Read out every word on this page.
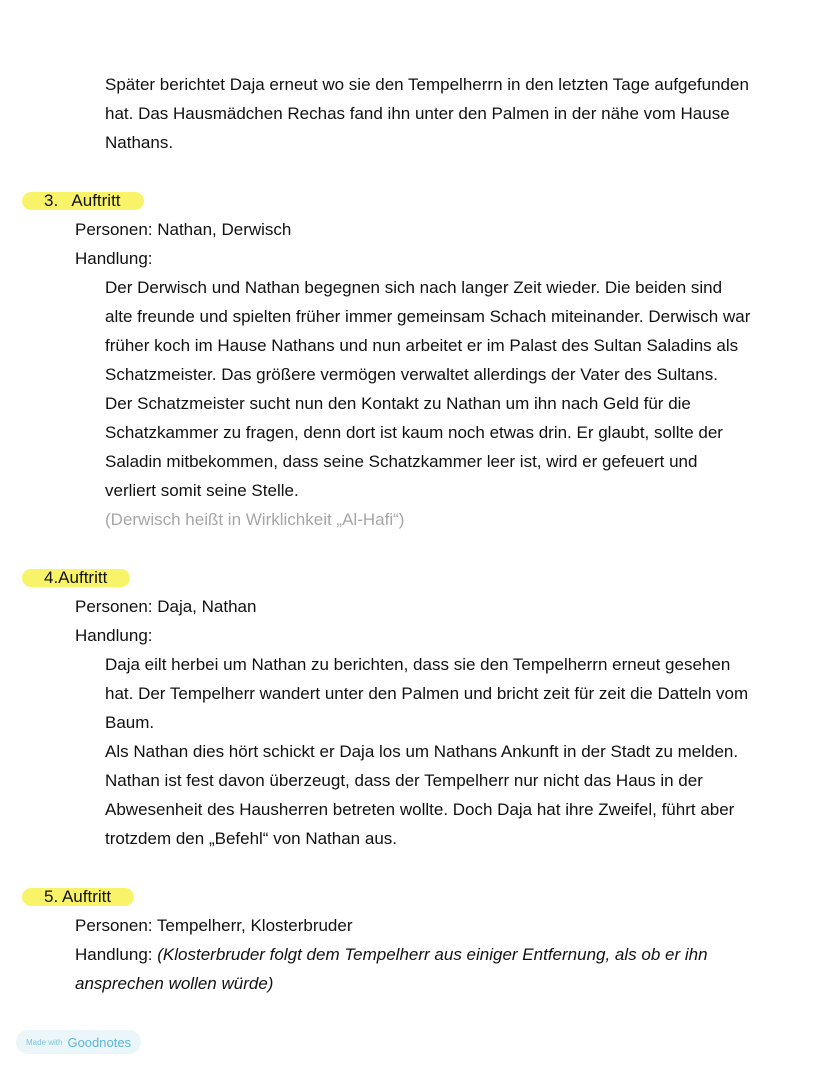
Später berichtet Daja erneut wo sie den Tempelherrn in den letzten Tage aufgefunden
hat. Das Hausmädchen Rechas fand ihn unter den Palmen in der nähe vom Hause
Nathans.
3.   Auftritt
Personen: Nathan, Derwisch
Handlung:
Der Derwisch und Nathan begegnen sich nach langer Zeit wieder. Die beiden sind
alte freunde und spielten früher immer gemeinsam Schach miteinander. Derwisch war
früher koch im Hause Nathans und nun arbeitet er im Palast des Sultan Saladins als
Schatzmeister. Das größere vermögen verwaltet allerdings der Vater des Sultans.
Der Schatzmeister sucht nun den Kontakt zu Nathan um ihn nach Geld für die
Schatzkammer zu fragen, denn dort ist kaum noch etwas drin. Er glaubt, sollte der
Saladin mitbekommen, dass seine Schatzkammer leer ist, wird er gefeuert und
verliert somit seine Stelle.
(Derwisch heißt in Wirklichkeit „Al-Hafi“)
4.Auftritt
Personen: Daja, Nathan
Handlung:
Daja eilt herbei um Nathan zu berichten, dass sie den Tempelherrn erneut gesehen
hat. Der Tempelherr wandert unter den Palmen und bricht zeit für zeit die Datteln vom
Baum.
Als Nathan dies hört schickt er Daja los um Nathans Ankunft in der Stadt zu melden.
Nathan ist fest davon überzeugt, dass der Tempelherr nur nicht das Haus in der
Abwesenheit des Hausherren betreten wollte. Doch Daja hat ihre Zweifel, führt aber
trotzdem den „Befehl“ von Nathan aus.
5. Auftritt
Personen: Tempelherr, Klosterbruder
Handlung: (Klosterbruder folgt dem Tempelherr aus einiger Entfernung, als ob er ihn
ansprechen wollen würde)
Made with Goodnotes
